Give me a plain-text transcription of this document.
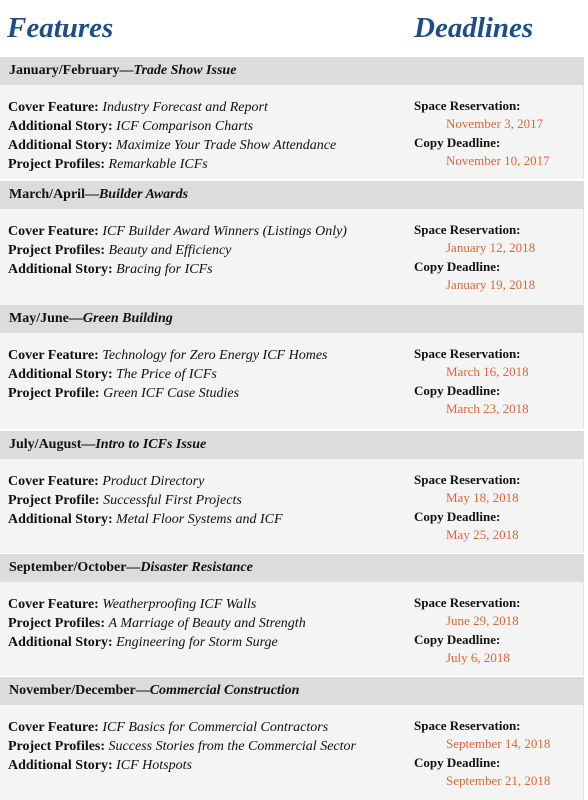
Features	Deadlines
January/February—Trade Show Issue
Cover Feature: Industry Forecast and Report
Additional Story: ICF Comparison Charts
Additional Story: Maximize Your Trade Show Attendance
Project Profiles: Remarkable ICFs
Space Reservation:
November 3, 2017
Copy Deadline:
November 10, 2017
March/April—Builder Awards
Cover Feature: ICF Builder Award Winners (Listings Only)
Project Profiles: Beauty and Efficiency
Additional Story: Bracing for ICFs
Space Reservation:
January 12, 2018
Copy Deadline:
January 19, 2018
May/June—Green Building
Cover Feature: Technology for Zero Energy ICF Homes
Additional Story: The Price of ICFs
Project Profile: Green ICF Case Studies
Space Reservation:
March 16, 2018
Copy Deadline:
March 23, 2018
July/August—Intro to ICFs Issue
Cover Feature: Product Directory
Project Profile: Successful First Projects
Additional Story: Metal Floor Systems and ICF
Space Reservation:
May 18, 2018
Copy Deadline:
May 25, 2018
September/October—Disaster Resistance
Cover Feature: Weatherproofing ICF Walls
Project Profiles: A Marriage of Beauty and Strength
Additional Story: Engineering for Storm Surge
Space Reservation:
June 29, 2018
Copy Deadline:
July 6, 2018
November/December—Commercial Construction
Cover Feature: ICF Basics for Commercial Contractors
Project Profiles: Success Stories from the Commercial Sector
Additional Story: ICF Hotspots
Space Reservation:
September 14, 2018
Copy Deadline:
September 21, 2018
